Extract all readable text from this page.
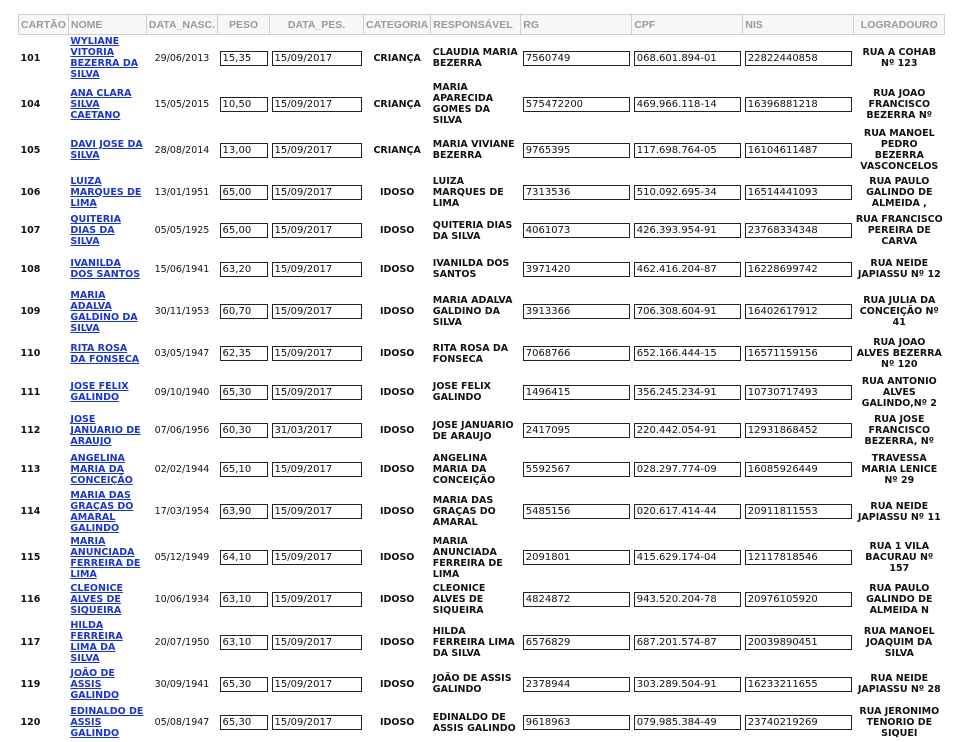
CARTÃO	NOME	DATA_NASC.	PESO	DATA_PES.	CATEGORIA	RESPONSÁVEL	RG	CPF	NIS	LOGRADOURO
101	WYLIANE VITORIA BEZERRA DA SILVA	29/06/2013	15,35	15/09/2017	CRIANÇA	CLAUDIA MARIA BEZERRA	7560749	068.601.894-01	22822440858	RUA A COHAB Nº 123
104	ANA CLARA SILVA CAETANO	15/05/2015	10,50	15/09/2017	CRIANÇA	MARIA APARECIDA GOMES DA SILVA	575472200	469.966.118-14	16396881218	RUA JOAO FRANCISCO BEZERRA Nº
105	DAVI JOSE DA SILVA	28/08/2014	13,00	15/09/2017	CRIANÇA	MARIA VIVIANE BEZERRA	9765395	117.698.764-05	16104611487	RUA MANOEL PEDRO BEZERRA VASCONCELOS
106	LUIZA MARQUES DE LIMA	13/01/1951	65,00	15/09/2017	IDOSO	LUIZA MARQUES DE LIMA	7313536	510.092.695-34	16514441093	RUA PAULO GALINDO DE ALMEIDA ,
107	QUITERIA DIAS DA SILVA	05/05/1925	65,00	15/09/2017	IDOSO	QUITERIA DIAS DA SILVA	4061073	426.393.954-91	23768334348	RUA FRANCISCO PEREIRA DE CARVA
108	IVANILDA DOS SANTOS	15/06/1941	63,20	15/09/2017	IDOSO	IVANILDA DOS SANTOS	3971420	462.416.204-87	16228699742	RUA NEIDE JAPIASSU Nº 12
109	MARIA ADALVA GALDINO DA SILVA	30/11/1953	60,70	15/09/2017	IDOSO	MARIA ADALVA GALDINO DA SILVA	3913366	706.308.604-91	16402617912	RUA JULIA DA CONCEIÇÃO Nº 41
110	RITA ROSA DA FONSECA	03/05/1947	62,35	15/09/2017	IDOSO	RITA ROSA DA FONSECA	7068766	652.166.444-15	16571159156	RUA JOAO ALVES BEZERRA Nº 120
111	JOSE FELIX GALINDO	09/10/1940	65,30	15/09/2017	IDOSO	JOSE FELIX GALINDO	1496415	356.245.234-91	10730717493	RUA ANTONIO ALVES GALINDO,Nº 2
112	JOSE JANUARIO DE ARAUJO	07/06/1956	60,30	31/03/2017	IDOSO	JOSE JANUARIO DE ARAUJO	2417095	220.442.054-91	12931868452	RUA JOSE FRANCISCO BEZERRA, Nº
113	ANGELINA MARIA DA CONCEIÇÃO	02/02/1944	65,10	15/09/2017	IDOSO	ANGELINA MARIA DA CONCEIÇÃO	5592567	028.297.774-09	16085926449	TRAVESSA MARIA LENICE Nº 29
114	MARIA DAS GRAÇAS DO AMARAL GALINDO	17/03/1954	63,90	15/09/2017	IDOSO	MARIA DAS GRAÇAS DO AMARAL	5485156	020.617.414-44	20911811553	RUA NEIDE JAPIASSU Nº 11
115	MARIA ANUNCIADA FERREIRA DE LIMA	05/12/1949	64,10	15/09/2017	IDOSO	MARIA ANUNCIADA FERREIRA DE LIMA	2091801	415.629.174-04	12117818546	RUA 1 VILA BACURAU Nº 157
116	CLEONICE ALVES DE SIQUEIRA	10/06/1934	63,10	15/09/2017	IDOSO	CLEONICE ALVES DE SIQUEIRA	4824872	943.520.204-78	20976105920	RUA PAULO GALINDO DE ALMEIDA N
117	HILDA FERREIRA LIMA DA SILVA	20/07/1950	63,10	15/09/2017	IDOSO	HILDA FERREIRA LIMA DA SILVA	6576829	687.201.574-87	20039890451	RUA MANOEL JOAQUIM DA SILVA
119	JOÃO DE ASSIS GALINDO	30/09/1941	65,30	15/09/2017	IDOSO	JOÃO DE ASSIS GALINDO	2378944	303.289.504-91	16233211655	RUA NEIDE JAPIASSU Nº 28
120	EDINALDO DE ASSIS GALINDO	05/08/1947	65,30	15/09/2017	IDOSO	EDINALDO DE ASSIS GALINDO	9618963	079.985.384-49	23740219269	RUA JERONIMO TENORIO DE SIQUEI
